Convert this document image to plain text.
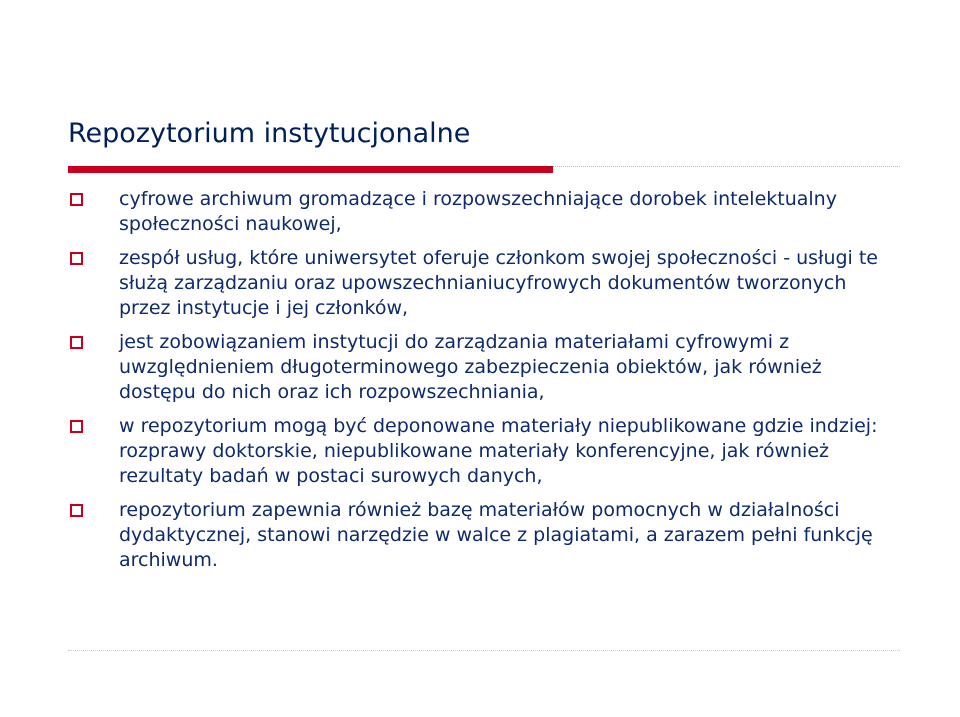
Repozytorium instytucjonalne
cyfrowe archiwum gromadzące i rozpowszechniające dorobek intelektualny społeczności naukowej,
zespół usług, które uniwersytet oferuje członkom swojej społeczności - usługi te służą zarządzaniu oraz upowszechnianiucyfrowych dokumentów tworzonych przez instytucje i jej członków,
jest zobowiązaniem instytucji do zarządzania materiałami cyfrowymi z uwzględnieniem długoterminowego zabezpieczenia obiektów, jak również dostępu do nich oraz ich rozpowszechniania,
w repozytorium mogą być deponowane materiały niepublikowane gdzie indziej: rozprawy doktorskie, niepublikowane materiały konferencyjne, jak również rezultaty badań w postaci surowych danych,
repozytorium zapewnia również bazę materiałów pomocnych w działalności dydaktycznej, stanowi narzędzie w walce z plagiatami, a zarazem pełni funkcję archiwum.
